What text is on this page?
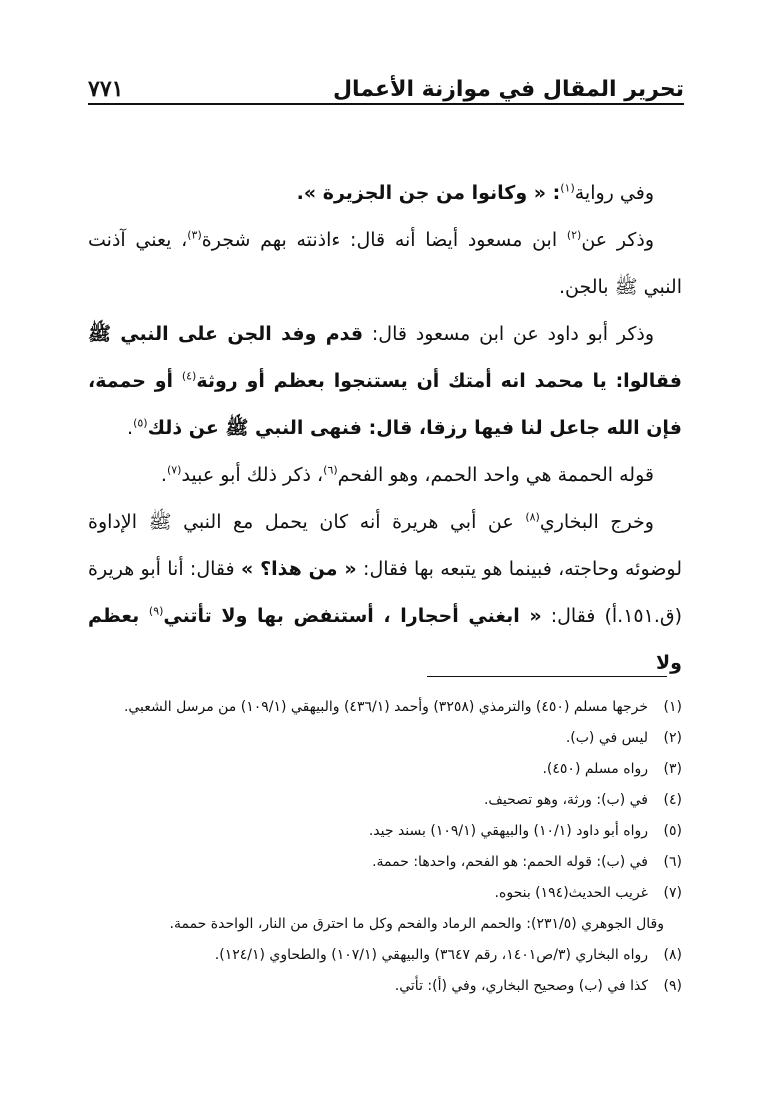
٧٧١	تحرير المقال في موازنة الأعمال

وفي رواية$^{(١)}$: « وكانوا من جن الجزيرة ».

وذكر عن$^{(٢)}$ ابن مسعود أيضا أنه قال: ءاذنته بهم شجرة$^{(٣)}$، يعني آذنت النبي ﷺ بالجن.

وذكر أبو داود عن ابن مسعود قال: قدم وفد الجن على النبي ﷺ فقالوا: يا محمد انه أمتك أن يستنجوا بعظم أو روثة$^{(٤)}$ أو حممة، فإن الله جاعل لنا فيها رزقا، قال: فنهى النبي ﷺ عن ذلك$^{(٥)}$.

قوله الحممة هي واحد الحمم، وهو الفحم$^{(٦)}$، ذكر ذلك أبو عبيد$^{(٧)}$.

وخرج البخاري$^{(٨)}$ عن أبي هريرة أنه كان يحمل مع النبي ﷺ الإداوة لوضوئه وحاجته، فبينما هو يتبعه بها فقال: « من هذا؟ » فقال: أنا أبو هريرة (ق.١٥١.أ) فقال: « ابغني أحجارا ، أستنفض بها ولا تأتني$^{(٩)}$ بعظم ولا

(١)
خرجها مسلم (٤٥٠) والترمذي (٣٢٥٨) وأحمد (٤٣٦/١) والبيهقي (١٠٩/١) من مرسل الشعبي.

(٢)
ليس في (ب).

(٣)
رواه مسلم (٤٥٠).

(٤)
في (ب): ورثة، وهو تصحيف.

(٥)
رواه أبو داود (١٠/١) والبيهقي (١٠٩/١) بسند جيد.

(٦)
في (ب): قوله الحمم: هو الفحم، واحدها: حممة.

(٧)
غريب الحديث(١٩٤) بنحوه.

وقال الجوهري (٢٣١/٥): والحمم الرماد والفحم وكل ما احترق من النار، الواحدة حممة.

(٨)
رواه البخاري (٣/ص١٤٠١، رقم ٣٦٤٧) والبيهقي (١٠٧/١) والطحاوي (١٢٤/١).

(٩)
كذا في (ب) وصحيح البخاري، وفي (أ): تأتي.
